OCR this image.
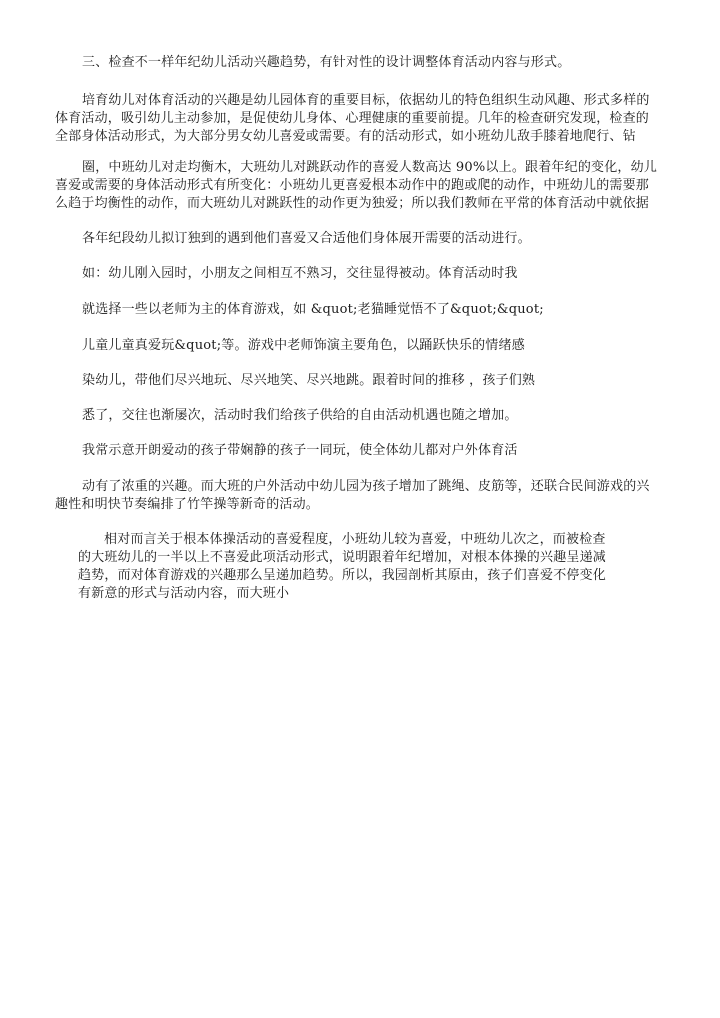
三、检查不一样年纪幼儿活动兴趣趋势，有针对性的设计调整体育活动内容与形式。
培育幼儿对体育活动的兴趣是幼儿园体育的重要目标，依据幼儿的特色组织生动风趣、形式多样的
体育活动，吸引幼儿主动参加，是促使幼儿身体、心理健康的重要前提。几年的检查研究发现，检查的
全部身体活动形式，为大部分男女幼儿喜爱或需要。有的活动形式，如小班幼儿敌手膝着地爬行、钻
圈，中班幼儿对走均衡木，大班幼儿对跳跃动作的喜爱人数高达 90%以上。跟着年纪的变化，幼儿
喜爱或需要的身体活动形式有所变化：小班幼儿更喜爱根本动作中的跑或爬的动作，中班幼儿的需要那
么趋于均衡性的动作，而大班幼儿对跳跃性的动作更为独爱；所以我们教师在平常的体育活动中就依据
各年纪段幼儿拟订独到的遇到他们喜爱又合适他们身体展开需要的活动进行。
如：幼儿刚入园时，小朋友之间相互不熟习，交往显得被动。体育活动时我
就选择一些以老师为主的体育游戏，如 &quot;老猫睡觉悟不了&quot;&quot;
儿童儿童真爱玩&quot;等。游戏中老师饰演主要角色，以踊跃快乐的情绪感
染幼儿，带他们尽兴地玩、尽兴地笑、尽兴地跳。跟着时间的推移 ，孩子们熟
悉了，交往也渐屡次，活动时我们给孩子供给的自由活动机遇也随之增加。
我常示意开朗爱动的孩子带娴静的孩子一同玩，使全体幼儿都对户外体育活
动有了浓重的兴趣。而大班的户外活动中幼儿园为孩子增加了跳绳、皮筋等，还联合民间游戏的兴
趣性和明快节奏编排了竹竿操等新奇的活动。
相对而言关于根本体操活动的喜爱程度，小班幼儿较为喜爱，中班幼儿次之，而被检查
的大班幼儿的一半以上不喜爱此项活动形式，说明跟着年纪增加，对根本体操的兴趣呈递减
趋势，而对体育游戏的兴趣那么呈递加趋势。所以，我园剖析其原由，孩子们喜爱不停变化
有新意的形式与活动内容，而大班小
